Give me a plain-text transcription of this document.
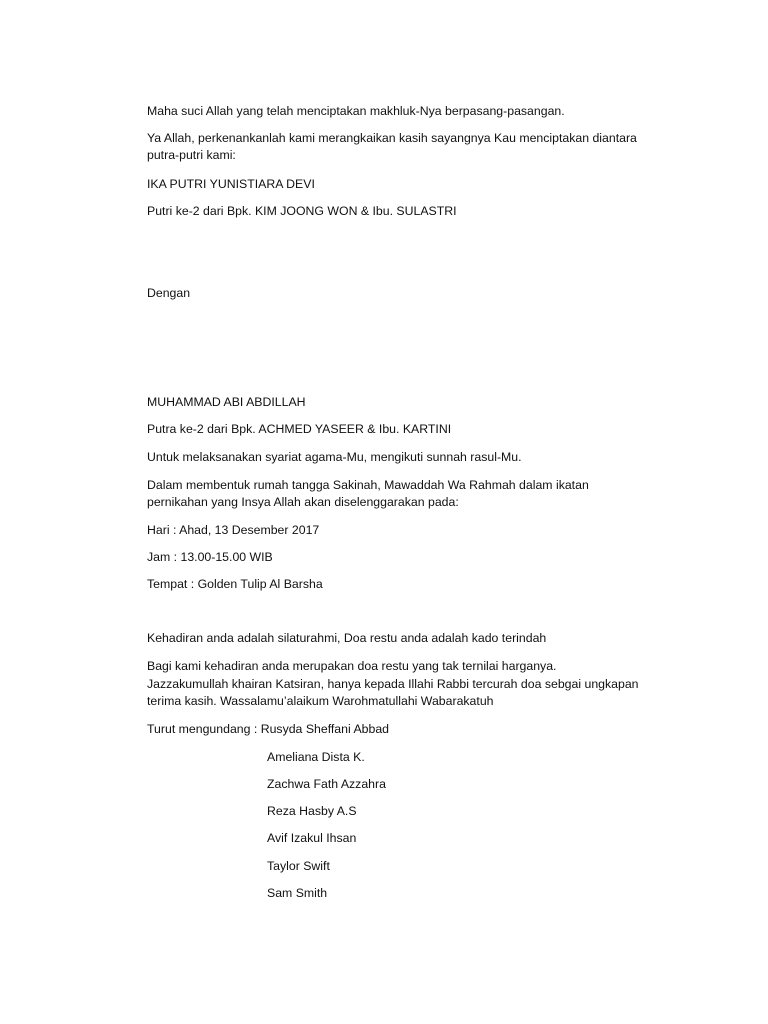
Maha suci Allah yang telah menciptakan makhluk-Nya berpasang-pasangan.
Ya Allah, perkenankanlah kami merangkaikan kasih sayangnya Kau menciptakan diantara
putra-putri kami:
IKA PUTRI YUNISTIARA DEVI
Putri ke-2 dari Bpk. KIM JOONG WON & Ibu. SULASTRI
Dengan
MUHAMMAD ABI ABDILLAH
Putra ke-2 dari Bpk. ACHMED YASEER & Ibu. KARTINI
Untuk melaksanakan syariat agama-Mu, mengikuti sunnah rasul-Mu.
Dalam membentuk rumah tangga Sakinah, Mawaddah Wa Rahmah dalam ikatan
pernikahan yang Insya Allah akan diselenggarakan pada:
Hari : Ahad, 13 Desember 2017
Jam : 13.00-15.00 WIB
Tempat : Golden Tulip Al Barsha
Kehadiran anda adalah silaturahmi, Doa restu anda adalah kado terindah
Bagi kami kehadiran anda merupakan doa restu yang tak ternilai harganya.
Jazzakumullah khairan Katsiran, hanya kepada Illahi Rabbi tercurah doa sebgai ungkapan
terima kasih. Wassalamu’alaikum Warohmatullahi Wabarakatuh
Turut mengundang : Rusyda Sheffani Abbad
Ameliana Dista K.
Zachwa Fath Azzahra
Reza Hasby A.S
Avif Izakul Ihsan
Taylor Swift
Sam Smith
